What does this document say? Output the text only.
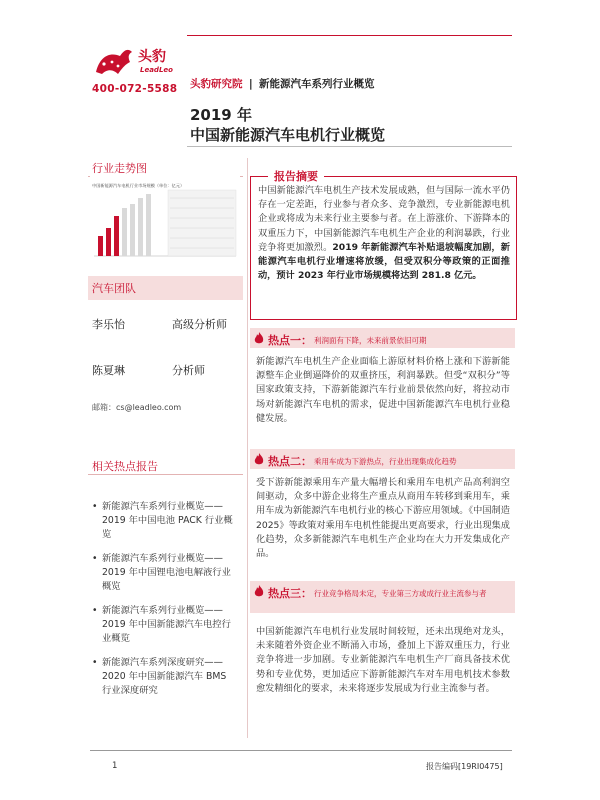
头豹
LeadLeo
400-072-5588 头豹研究院 | 新能源汽车系列行业概览
2019 年
中国新能源汽车电机行业概览
行业走势图
中国新能源汽车电机行业市场规模（单位：亿元）
汽车团队
李乐怡	高级分析师
陈夏琳	分析师
邮箱：cs@leadleo.com
相关热点报告
• 新能源汽车系列行业概览——2019 年中国电池 PACK 行业概览
• 新能源汽车系列行业概览——2019 年中国锂电池电解液行业概览
• 新能源汽车系列行业概览——2019 年中国新能源汽车电控行业概览
• 新能源汽车系列深度研究——2020 年中国新能源汽车 BMS 行业深度研究
报告摘要
中国新能源汽车电机生产技术发展成熟，但与国际一流水平仍存在一定差距，行业参与者众多、竞争激烈，专业新能源电机企业或将成为未来行业主要参与者。在上游涨价、下游降本的双重压力下，中国新能源汽车电机生产企业的利润暴跌，行业竞争将更加激烈。2019 年新能源汽车补贴退坡幅度加剧，新能源汽车电机行业增速将放缓，但受双积分等政策的正面推动，预计 2023 年行业市场规模将达到 281.8 亿元。
热点一： 利润面有下降，未来前景依旧可期
新能源汽车电机生产企业面临上游原材料价格上涨和下游新能源整车企业倒逼降价的双重挤压，利润暴跌。但受“双积分”等国家政策支持，下游新能源汽车行业前景依然向好，将拉动市场对新能源汽车电机的需求，促进中国新能源汽车电机行业稳健发展。
热点二： 乘用车成为下游热点，行业出现集成化趋势
受下游新能源乘用车产量大幅增长和乘用车电机产品高利润空间驱动，众多中游企业将生产重点从商用车转移到乘用车，乘用车成为新能源汽车电机行业的核心下游应用领域。《中国制造 2025》等政策对乘用车电机性能提出更高要求，行业出现集成化趋势，众多新能源汽车电机生产企业均在大力开发集成化产品。
热点三： 行业竞争格局未定，专业第三方或成行业主流参与者
中国新能源汽车电机行业发展时间较短，还未出现绝对龙头，未来随着外资企业不断涌入市场，叠加上下游双重压力，行业竞争将进一步加剧。专业新能源汽车电机生产厂商具备技术优势和专业优势，更加适应下游新能源汽车对车用电机技术参数愈发精细化的要求，未来将逐步发展成为行业主流参与者。
1	报告编码[19RI0475]
